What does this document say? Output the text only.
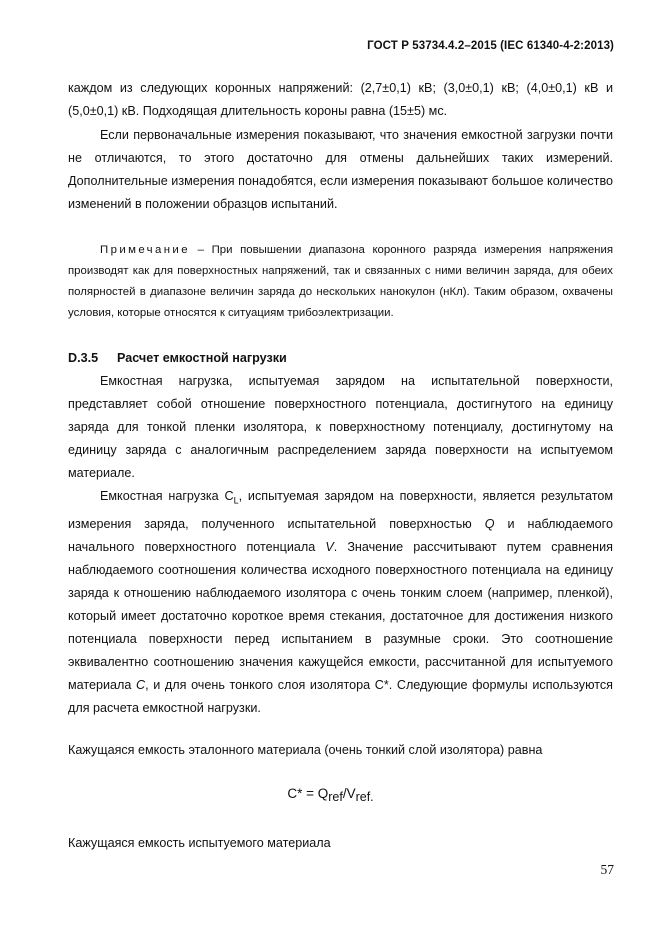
ГОСТ Р 53734.4.2–2015 (IEC 61340-4-2:2013)

каждом из следующих коронных напряжений: (2,7±0,1) кВ; (3,0±0,1) кВ; (4,0±0,1) кВ и (5,0±0,1) кВ. Подходящая длительность короны равна (15±5) мс.

Если первоначальные измерения показывают, что значения емкостной загрузки почти не отличаются, то этого достаточно для отмены дальнейших таких измерений. Дополнительные измерения понадобятся, если измерения показывают большое количество изменений в положении образцов испытаний.

Примечание – При повышении диапазона коронного разряда измерения напряжения производят как для поверхностных напряжений, так и связанных с ними величин заряда, для обеих полярностей в диапазоне величин заряда до нескольких нанокулон (нКл). Таким образом, охвачены условия, которые относятся к ситуациям трибоэлектризации.

D.3.5 Расчет емкостной нагрузки

Емкостная нагрузка, испытуемая зарядом на испытательной поверхности, представляет собой отношение поверхностного потенциала, достигнутого на единицу заряда для тонкой пленки изолятора, к поверхностному потенциалу, достигнутому на единицу заряда с аналогичным распределением заряда поверхности на испытуемом материале.

Емкостная нагрузка $C_L$, испытуемая зарядом на поверхности, является результатом измерения заряда, полученного испытательной поверхностью Q и наблюдаемого начального поверхностного потенциала V. Значение рассчитывают путем сравнения наблюдаемого соотношения количества исходного поверхностного потенциала на единицу заряда к отношению наблюдаемого изолятора с очень тонким слоем (например, пленкой), который имеет достаточно короткое время стекания, достаточное для достижения низкого потенциала поверхности перед испытанием в разумные сроки. Это соотношение эквивалентно соотношению значения кажущейся емкости, рассчитанной для испытуемого материала C, и для очень тонкого слоя изолятора C*. Следующие формулы используются для расчета емкостной нагрузки.

Кажущаяся емкость эталонного материала (очень тонкий слой изолятора) равна

$C* = Q_{ref}/V_{ref.}$

Кажущаяся емкость испытуемого материала

57
